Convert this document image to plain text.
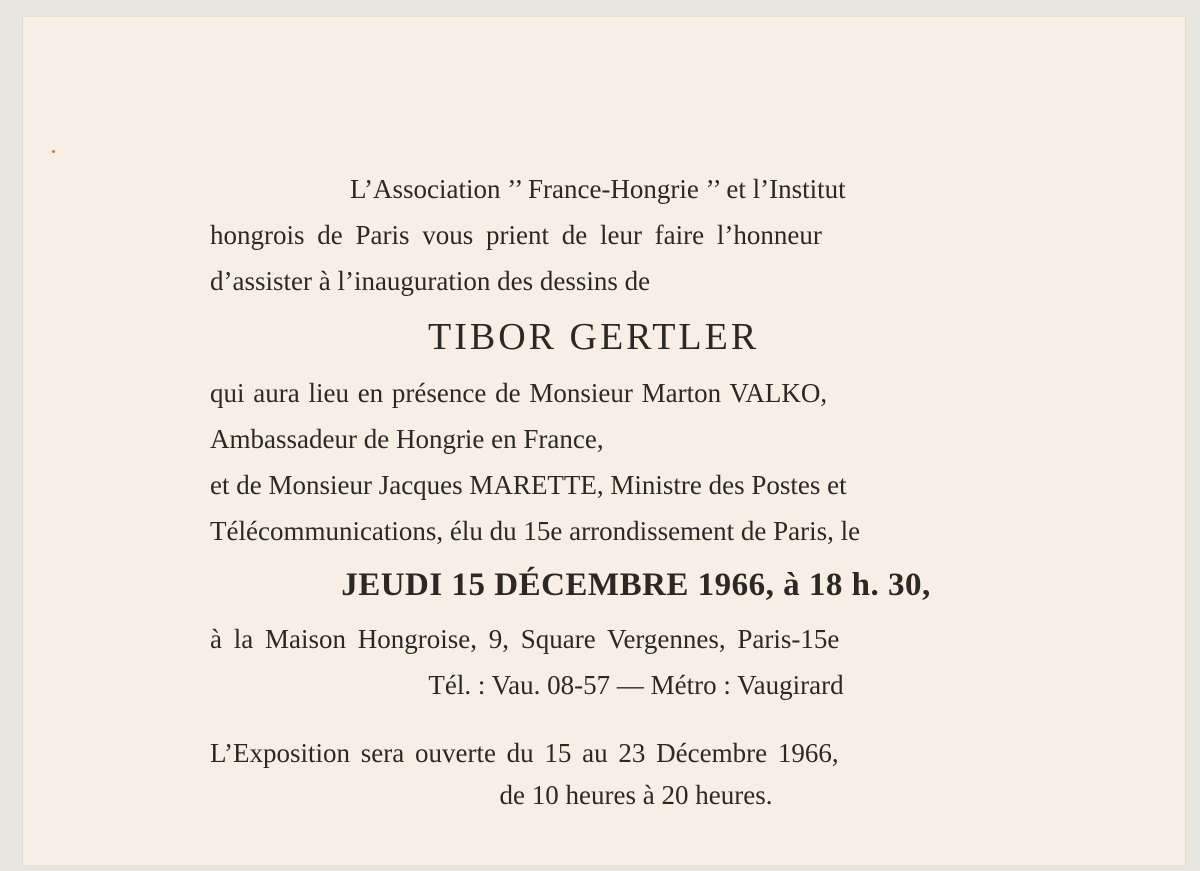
L’Association ’’ France-Hongrie ’’ et l’Institut
hongrois de Paris vous prient de leur faire l’honneur
d’assister à l’inauguration des dessins de
TIBOR GERTLER
qui aura lieu en présence de Monsieur Marton VALKO,
Ambassadeur de Hongrie en France,
et de Monsieur Jacques MARETTE, Ministre des Postes et
Télécommunications, élu du 15e arrondissement de Paris, le
JEUDI 15 DÉCEMBRE 1966, à 18 h. 30,
à la Maison Hongroise, 9, Square Vergennes, Paris-15e
Tél. : Vau. 08-57 — Métro : Vaugirard
L’Exposition sera ouverte du 15 au 23 Décembre 1966,
de 10 heures à 20 heures.
